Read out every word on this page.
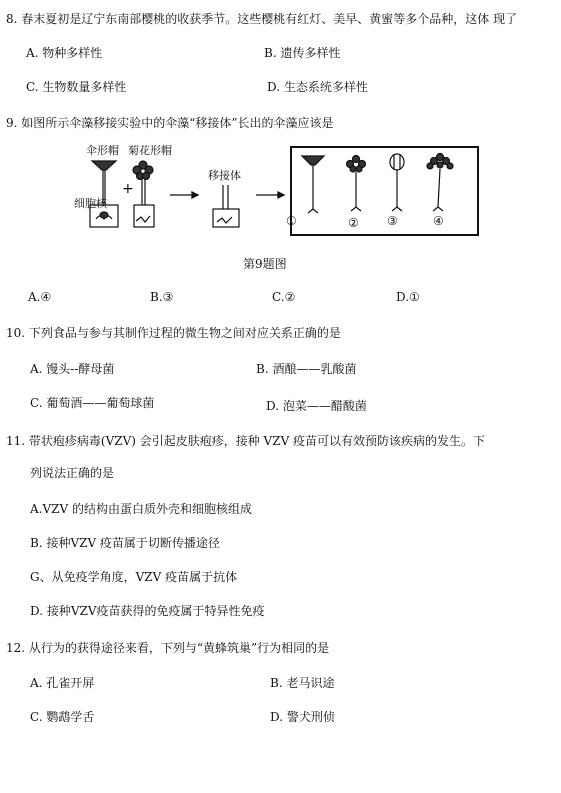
8. 春末夏初是辽宁东南部樱桃的收获季节。这些樱桃有红灯、美早、黄蜜等多个品种，这体 现了
A. 物种多样性	B. 遗传多样性
C. 生物数量多样性	D. 生态系统多样性
9. 如图所示伞藻移接实验中的伞藻“移接体”长出的伞藻应该是
+
伞形帽 菊花形帽
细胞核
移接体
①	② ③	④
第9题图
A.④	B.③	C.②	D.①
10. 下列食品与参与其制作过程的微生物之间对应关系正确的是
A. 馒头--酵母菌	B. 酒酿——乳酸菌
C. 葡萄酒——葡萄球菌	D. 泡菜——醋酸菌
11. 带状疱疹病毒(VZV) 会引起皮肤疱疹，接种 VZV 疫苗可以有效预防该疾病的发生。下
列说法正确的是
A.VZV 的结构由蛋白质外壳和细胞核组成
B. 接种VZV 疫苗属于切断传播途径
G、从免疫学角度，VZV 疫苗属于抗体
D. 接种VZV疫苗获得的免疫属于特异性免疫
12. 从行为的获得途径来看，下列与“黄蜂筑巢”行为相同的是
A. 孔雀开屏	B. 老马识途
C. 鹦鹉学舌	D. 警犬刑侦
